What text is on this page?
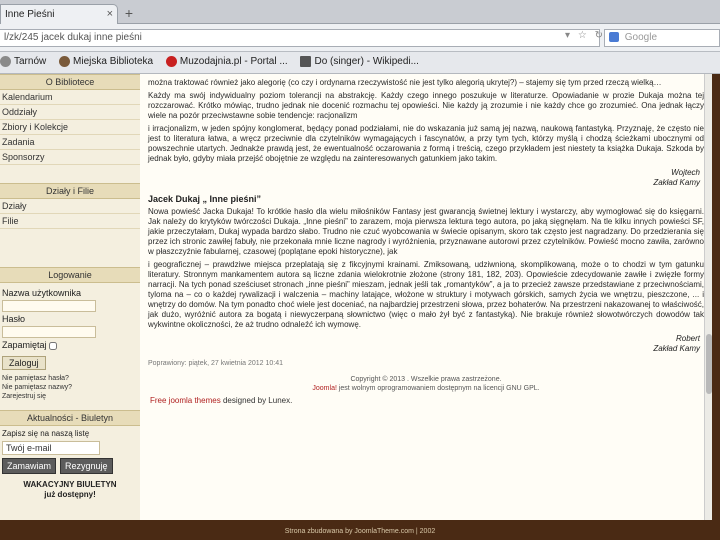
Inne Pieśni	× +
l/zk/245 jacek dukaj inne pieśni	▾ ☆ ↻	Google
Tarnów	Miejska Biblioteka	Muzodajnia.pl - Portal ...	Do (singer) - Wikipedi...
O Bibliotece
Kalendarium
Oddziały
Zbiory i Kolekcje
Zadania
Sponsorzy
Działy i Filie
Działy
Filie
Logowanie
Nazwa użytkownika
Hasło
Zapamiętaj
Zaloguj
Nie pamiętasz hasła?
Nie pamiętasz nazwy?
Zarejestruj się
Aktualności - Biuletyn
Zapisz się na naszą listę
Twój e-mail
Zamawiam	Rezygnuję
WAKACYJNY BIULETYN
już dostępny!

można traktować również jako alegorię (co czy i ordynarna rzeczywistość nie jest tylko alegorią ukrytej?) – stajemy się tym przed rzeczą wielką…

Każdy ma swój indywidualny poziom tolerancji na abstrakcję. Każdy czego innego poszukuje w literaturze. Opowiadanie w prozie Dukaja można tej rozczarować. Krótko mówiąc, trudno jednak nie docenić rozmachu tej opowieści. Nie każdy ją zrozumie i nie każdy chce go zrozumieć. Ona jednak łączy wiele na pozór przeciwstawne sobie tendencje: racjonalizm

i irracjonalizm, w jeden spójny konglomerat, będący ponad podziałami, nie do wskazania już samą jej nazwą, naukową fantastyką. Przyznaję, że często nie jest to literatura łatwa, a wręcz przeciwnie dla czytelników wymagających i fascynatów, a przy tym tych, którzy myślą i chodzą ścieżkami ubocznymi od powszechnie utartych. Jednakże prawdą jest, że ewentualność oczarowania z formą i treścią, czego przykładem jest niestety ta książka Dukaja. Szkoda by jednak było, gdyby miała przejść obojętnie ze względu na zainteresowanych gatunkiem jako takim.

Wojtech
Zakład Kamy
Jacek Dukaj „ Inne pieśni”

Nowa powieść Jacka Dukaja! To krótkie hasło dla wielu miłośników Fantasy jest gwarancją świetnej lektury i wystarczy, aby wymogłować się do księgarni. Jak należy do krytyków twórczości Dukaja. „Inne pieśni” to zarazem, moja pierwsza lektura tego autora, po jaką sięgnęłam. Na tle kilku innych powieści SF, jakie przeczytałam, Dukaj wypada bardzo słabo. Trudno nie czuć wyobcowania w świecie opisanym, skoro tak często jest nagradzany. Do przedzierania się przez ich stronic zawiłej fabuły, nie przekonała mnie liczne nagrody i wyróżnienia, przyznawane autorowi przez czytelników. Powieść mocno zawiła, zarówno w płaszczyźnie fabularnej, czasowej (poplątane epoki historyczne), jak

i geograficznej – prawdziwe miejsca przeplatają się z fikcyjnymi krainami. Zmiksowaną, udziwnioną, skomplikowaną, może o to chodzi w tym gatunku literatury. Stronnym mankamentem autora są liczne zdania wielokrotnie złożone (strony 181, 182, 203). Opowieście zdecydowanie zawiłe i zwięzłe formy narracji. Na tych ponad sześciuset stronach „inne pieśni” mieszam, jednak jeśli tak „romantyków”, a ja to przecież zawsze przedstawiane z przeciwnościami, tyloma na – co o każdej rywalizacji i walczenia – machiny latające, włożone w struktury i motywach górskich, samych życia we wnętrzu, pieszczone, ... i wnętrzy do domów. Na tym ponadto choć wiele jest doceniać, na najbardziej przestrzeni słowa, przez bohaterów. Na przestrzeni nakazowanej to właściwość, jak dużo, wyróżnić autora za bogatą i niewyczerpaną słownictwo (więc o mało żył być z fantastyką). Nie brakuje również słowotwórczych dowodów tak wykwintne okoliczności, że aż trudno odnaleźć ich wymowę.

Robert
Zakład Kamy
Poprawiony: piątek, 27 kwietnia 2012 10:41
Copyright © 2013 . Wszelkie prawa zastrzeżone.
Joomla! jest wolnym oprogramowaniem dostępnym na licencji GNU GPL.
Free joomla themes designed by Lunex.
Strona zbudowana by JoomlaTheme.com | 2002
